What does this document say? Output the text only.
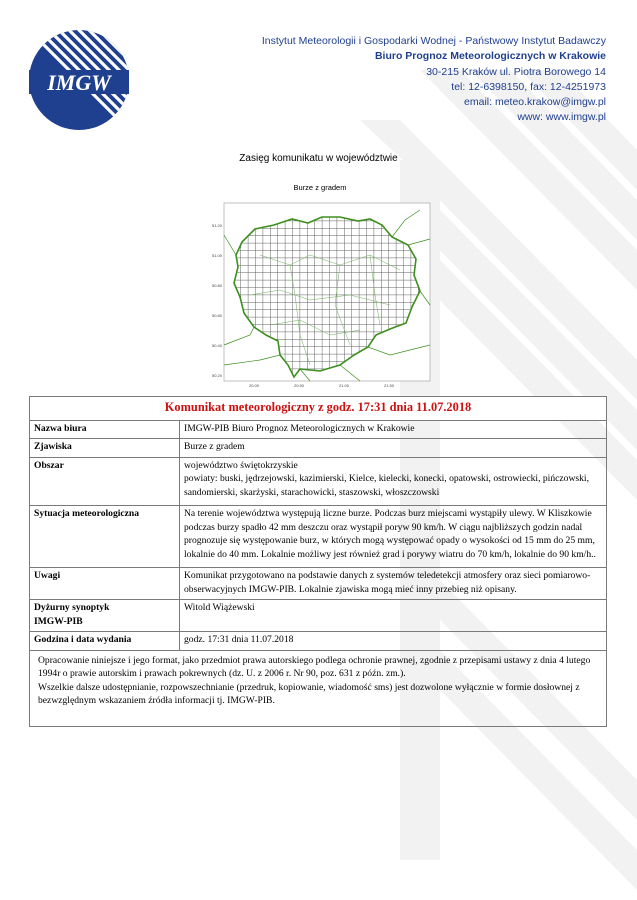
IMGW
Instytut Meteorologii i Gospodarki Wodnej - Państwowy Instytut Badawczy
Biuro Prognoz Meteorologicznych w Krakowie
30-215 Kraków ul. Piotra Borowego 14
tel: 12-6398150, fax: 12-4251973
email: meteo.krakow@imgw.pl
www: www.imgw.pl
Zasięg komunikatu w województwie
Burze z gradem
51.20
51.00
50.80
50.60
50.40
50.20
20.00	20.50	21.00	21.50
Komunikat meteorologiczny z godz. 17:31 dnia 11.07.2018	
Nazwa biura	IMGW-PIB Biuro Prognoz Meteorologicznych w Krakowie
Zjawiska	Burze z gradem
Obszar	województwo świętokrzyskie
powiaty: buski, jędrzejowski, kazimierski, Kielce, kielecki, konecki, opatowski, ostrowiecki, pińczowski, sandomierski, skarżyski, starachowicki, staszowski, włoszczowski

Sytuacja meteorologiczna	Na terenie województwa występują liczne burze. Podczas burz miejscami wystąpiły ulewy. W Kliszkowie podczas burzy spadło 42 mm deszczu oraz wystąpił poryw 90 km/h. W ciągu najbliższych godzin nadal prognozuje się występowanie burz, w których mogą występować opady o wysokości od 15 mm do 25 mm, lokalnie do 40 mm. Lokalnie możliwy jest również grad i porywy wiatru do 70 km/h, lokalnie do 90 km/h..
Uwagi	Komunikat przygotowano na podstawie danych z systemów teledetekcji atmosfery oraz sieci pomiarowo-obserwacyjnych IMGW-PIB. Lokalnie zjawiska mogą mieć inny przebieg niż opisany.

Dyżurny synoptyk
IMGW-PIB	Witold Wiążewski
Godzina i data wydania	godz. 17:31 dnia 11.07.2018

Opracowanie niniejsze i jego format, jako przedmiot prawa autorskiego podlega ochronie prawnej, zgodnie z przepisami ustawy z dnia 4 lutego 1994r o prawie autorskim i prawach pokrewnych (dz. U. z 2006 r. Nr 90, poz. 631 z późn. zm.).
Wszelkie dalsze udostępnianie, rozpowszechnianie (przedruk, kopiowanie, wiadomość sms) jest dozwolone wyłącznie w formie dosłownej z bezwzględnym wskazaniem źródła informacji tj. IMGW-PIB.	
